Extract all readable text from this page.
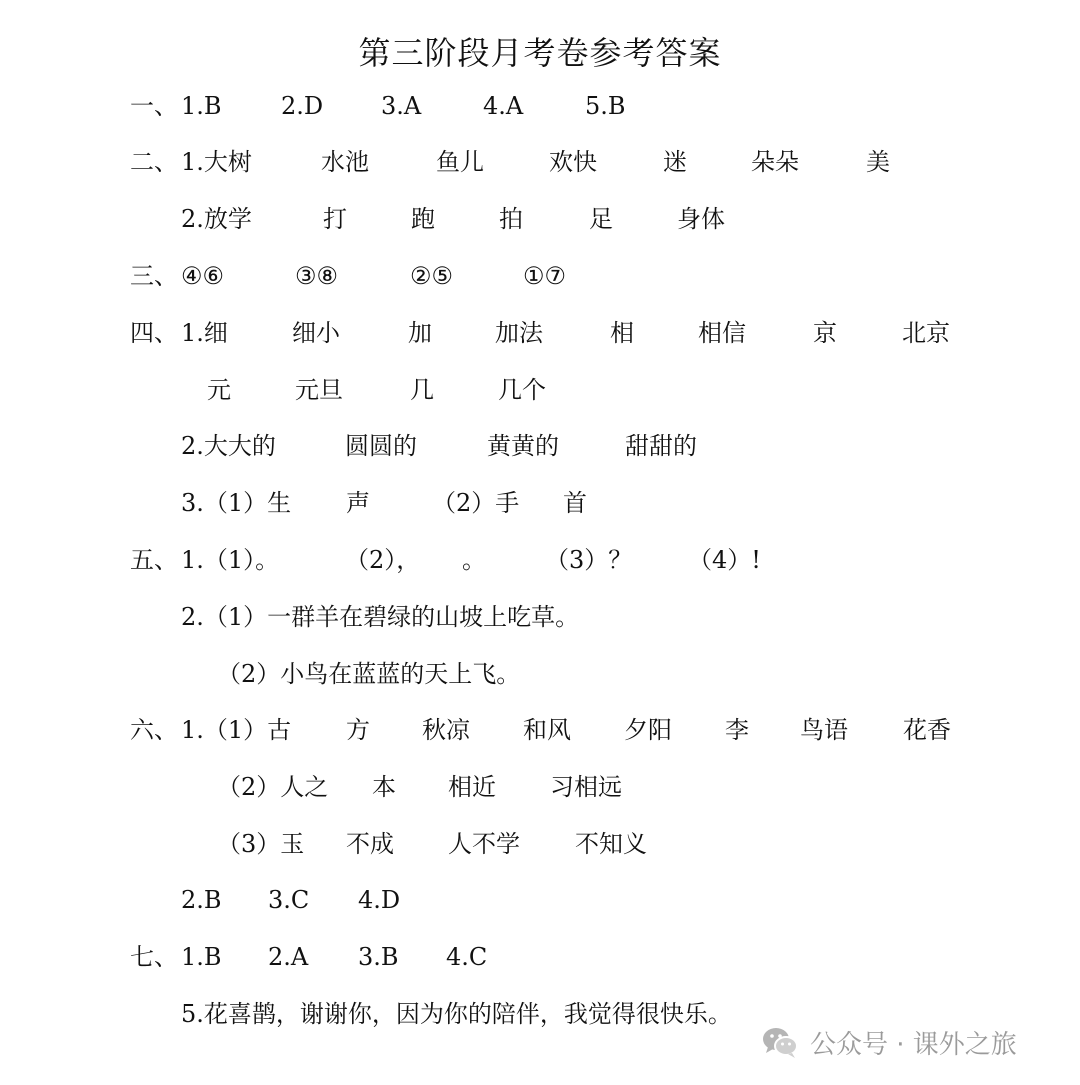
第三阶段月考卷参考答案
一、 1.B 2.D 3.A	4.A	5.B
二、 1.大树	水池	鱼儿	欢快	迷	朵朵	美
2.放学	打	跑	拍	足	身体
三、 ④⑥	③⑧	②⑤	①⑦
四、 1.细	细小	加	加法	相	相信	京	北京
元	元旦	几	几个
2.大大的	圆圆的	黄黄的	甜甜的
3.（1）生 声	（2）手 首
五、 1.（1）。	（2）， 。 （3）？ （4）!
2.（1）一群羊在碧绿的山坡上吃草。
（2）小鸟在蓝蓝的天上飞。
六、 1.（1）古 方 秋凉 和风 夕阳 李 鸟语 花香
（2）人之 本 相近 习相远
（3）玉 不成 人不学 不知义
2.B 3.C 4.D
七、 1.B 2.A 3.B 4.C
5.花喜鹊，谢谢你，因为你的陪伴，我觉得很快乐。
公众号 · 课外之旅
